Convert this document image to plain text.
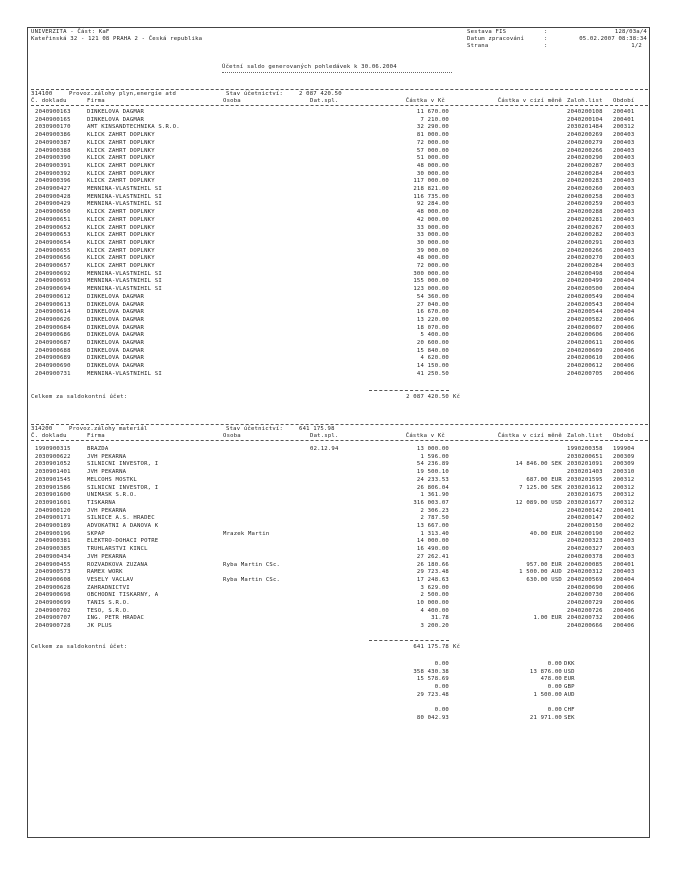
UNIVERZITA - Část: KaF
Kateřinská 32 - 121 08 PRAHA 2 - Česká republika
Sestava FIS	:	128/03a/4
Datum zpracování	:	05.02.2007 08:38:34
Strana	:	1/2
Účetní saldo generovaných pohledávek k 30.06.2004
314100	Provoz.zálohy plyn,energie atd	Stav účetnictví:	2 087 420.50
Č. dokladu	Firma	Osoba	Dat.spl.	Částka v Kč	Částka v cizí měně Zaloh.list Období
2040900163	DINKELOVA DAGMAR	11 670.00	2040200108 200401
2040900165	DINKELOVA DAGMAR	7 210.00	2040200104 200401
2030900170	AMT KINSANDTECHNIKA S.R.O.	32 290.00	2030201484 200312
2040900386	KLICK ZAHRT DOPLNKY	81 000.00	2040200269 200403
2040900387	KLICK ZAHRT DOPLNKY	72 000.00	2040200279 200403
2040900388	KLICK ZAHRT DOPLNKY	57 000.00	2040200266 200403
2040900390	KLICK ZAHRT DOPLNKY	51 000.00	2040200290 200403
2040900391	KLICK ZAHRT DOPLNKY	48 000.00	2040200287 200403
2040900392	KLICK ZAHRT DOPLNKY	30 000.00	2040200284 200403
2040900396	KLICK ZAHRT DOPLNKY	117 000.00	2040200283 200403
2040900427	MENNINA-VLASTNIHIL SI	218 821.00	2040200260 200403
2040900428	MENNINA-VLASTNIHIL SI	116 735.00	2040200258 200403
2040900429	MENNINA-VLASTNIHIL SI	92 284.00	2040200259 200403
2040900650	KLICK ZAHRT DOPLNKY	48 000.00	2040200288 200403
2040900651	KLICK ZAHRT DOPLNKY	42 000.00	2040200281 200403
2040900652	KLICK ZAHRT DOPLNKY	33 000.00	2040200267 200403
2040900653	KLICK ZAHRT DOPLNKY	33 000.00	2040200282 200403
2040900654	KLICK ZAHRT DOPLNKY	30 000.00	2040200291 200403
2040900655	KLICK ZAHRT DOPLNKY	39 000.00	2040200266 200403
2040900656	KLICK ZAHRT DOPLNKY	48 000.00	2040200270 200403
2040900657	KLICK ZAHRT DOPLNKY	72 000.00	2040200284 200403
2040900692	MENNINA-VLASTNIHIL SI	300 000.00	2040200498 200404
2040900693	MENNINA-VLASTNIHIL SI	155 000.00	2040200499 200404
2040900694	MENNINA-VLASTNIHIL SI	123 000.00	2040200500 200404
2040900612	DINKELOVA DAGMAR	54 360.00	2040200549 200404
2040900613	DINKELOVA DAGMAR	27 040.00	2040200543 200404
2040900614	DINKELOVA DAGMAR	16 670.00	2040200544 200404
2040900626	DINKELOVA DAGMAR	13 220.00	2040200582 200406
2040900684	DINKELOVA DAGMAR	18 070.00	2040200607 200406
2040900686	DINKELOVA DAGMAR	5 400.00	2040200606 200406
2040900687	DINKELOVA DAGMAR	20 600.00	2040200611 200406
2040900688	DINKELOVA DAGMAR	15 840.00	2040200609 200406
2040900689	DINKELOVA DAGMAR	4 620.00	2040200610 200406
2040900690	DINKELOVA DAGMAR	14 150.00	2040200612 200406
2040900731	MENNINA-VLASTNIHIL SI	41 250.50	2040200705 200406
Celkem za saldokontní účet:	2 087 420.50 Kč
314200	Provoz.zálohy materiál	Stav účetnictví:	641 175.98
Č. dokladu	Firma	Osoba	Dat.spl.	Částka v Kč	Částka v cizí měně Zaloh.list Období
1990900315	BRAZDA	02.12.94	13 000.00	1990200358 199904
2030900622	JVH PEKARNA	1 596.00	2030200651 200309
2030901052	SILNICNI INVESTOR, I	54 236.89	14 846.00 SEK 2030201091 200309
2030901401	JVH PEKARNA	19 500.10	2030201403 200310
2030901545	MELCOHS MOSTKL	24 233.53	687.00 EUR 2030201595 200312
2030901586	SILNICNI INVESTOR, I	26 806.04	7 125.00 SEK 2030201612 200312
2030901600	UNIMASK S.R.O.	1 361.90	2030201675 200312
2030901601	TISKARNA	316 003.07	12 089.00 USD 2030201677 200312
2040900120	JVH PEKARNA	2 306.23	2040200142 200401
2040900171	SILNICE A.S. HRADEC	2 787.50	2040200147 200402
2040900189	ADVOKATNI A DANOVA K	13 667.00	2040200150 200402
2040900196	SKPAP	Mrazek Martin	1 313.40	40.00 EUR 2040200190 200402
2040900381	ELEKTRO-DOHACI POTRE	14 000.00	2040200323 200403
2040900385	TRUHLARSTVI KINCL	16 490.00	2040200327 200403
2040900434	JVH PEKARNA	27 262.41	2040200378 200403
2040900455	ROZVADKOVA ZUZANA	Ryba Martin CSc.	26 180.66	957.00 EUR 2040200085 200401
2040900573	RAMEX WORK	29 723.48	1 500.00 AUD 2040200312 200403
2040900608	VESELY VACLAV	Ryba Martin CSc.	17 248.63	630.00 USD 2040200569 200404
2040900628	ZAHRADNICTVI	3 629.00	2040200690 200406
2040900698	OBCHODNI TISKARNY, A	2 500.00	2040200730 200406
2040900699	TANIS S.R.O.	10 000.00	2040200729 200406
2040900702	TESO, S.R.O.	4 400.00	2040200726 200406
2040900707	ING. PETR HRADAC	31.78	1.00 EUR 2040200732 200406
2040900728	JK PLUS	3 200.20	2040200666 200406
Celkem za saldokontní účet:	641 175.78 Kč
0.00	0.00 DKK
358 430.38	13 876.00 USD
15 578.69	478.00 EUR
0.00	0.00 GBP
29 723.48	1 500.00 AUD
0.00	0.00 CHF
80 042.93	21 971.00 SEK
